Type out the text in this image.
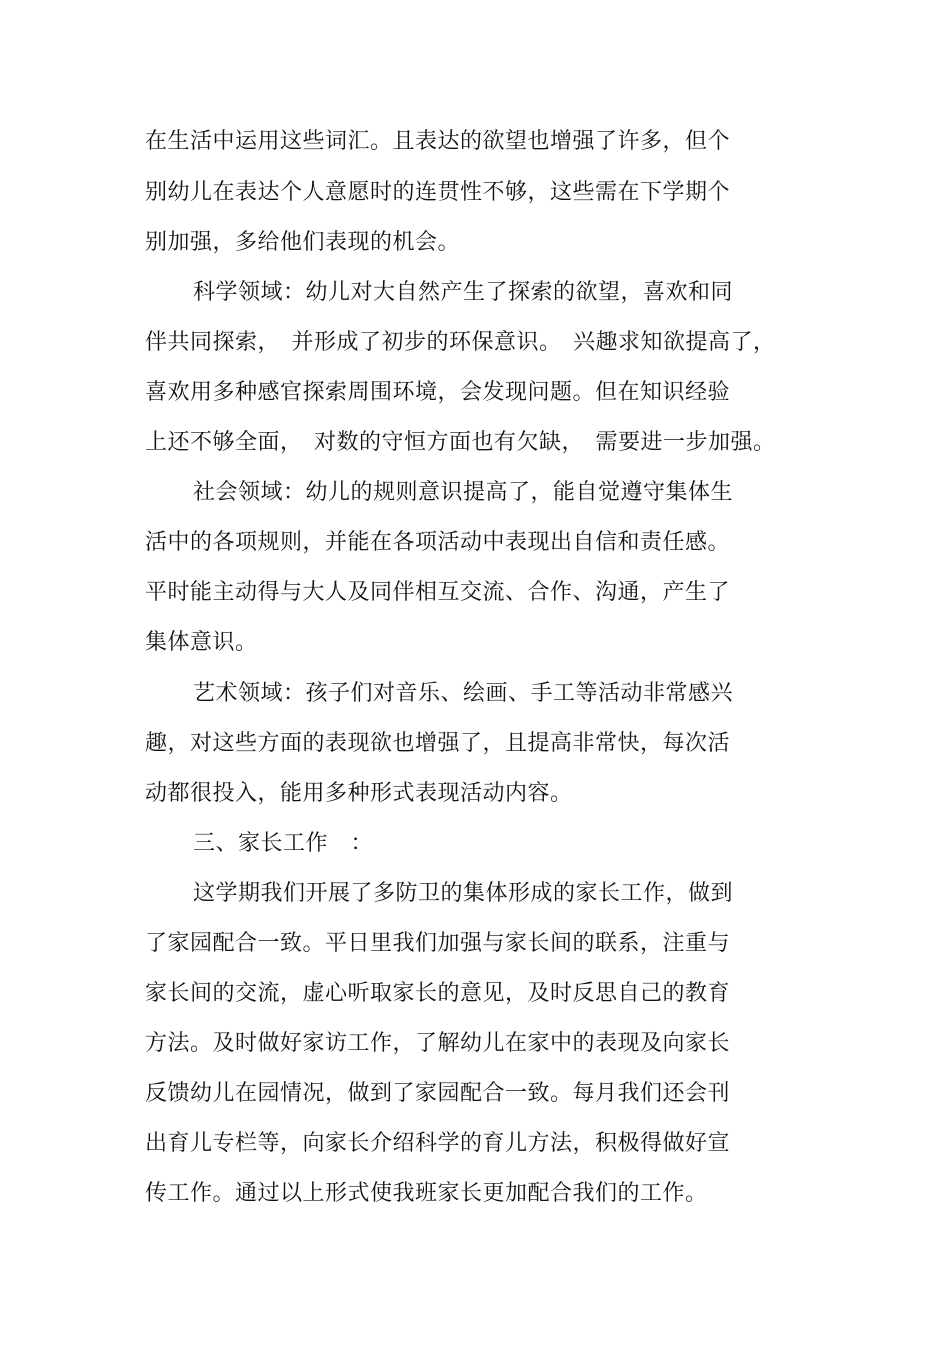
在生活中运用这些词汇。且表达的欲望也增强了许多，但个
别幼儿在表达个人意愿时的连贯性不够，这些需在下学期个
别加强，多给他们表现的机会。
科学领域：幼儿对大自然产生了探索的欲望，喜欢和同
伴共同探索，　并形成了初步的环保意识。　兴趣求知欲提高了，
喜欢用多种感官探索周围环境，会发现问题。但在知识经验
上还不够全面，　对数的守恒方面也有欠缺，　需要进一步加强。
社会领域：幼儿的规则意识提高了，能自觉遵守集体生
活中的各项规则，并能在各项活动中表现出自信和责任感。
平时能主动得与大人及同伴相互交流、合作、沟通，产生了
集体意识。
艺术领域：孩子们对音乐、绘画、手工等活动非常感兴
趣，对这些方面的表现欲也增强了，且提高非常快，每次活
动都很投入，能用多种形式表现活动内容。
三、家长工作　：
这学期我们开展了多防卫的集体形成的家长工作，做到
了家园配合一致。平日里我们加强与家长间的联系，注重与
家长间的交流，虚心听取家长的意见，及时反思自己的教育
方法。及时做好家访工作，了解幼儿在家中的表现及向家长
反馈幼儿在园情况，做到了家园配合一致。每月我们还会刊
出育儿专栏等，向家长介绍科学的育儿方法，积极得做好宣
传工作。通过以上形式使我班家长更加配合我们的工作。
